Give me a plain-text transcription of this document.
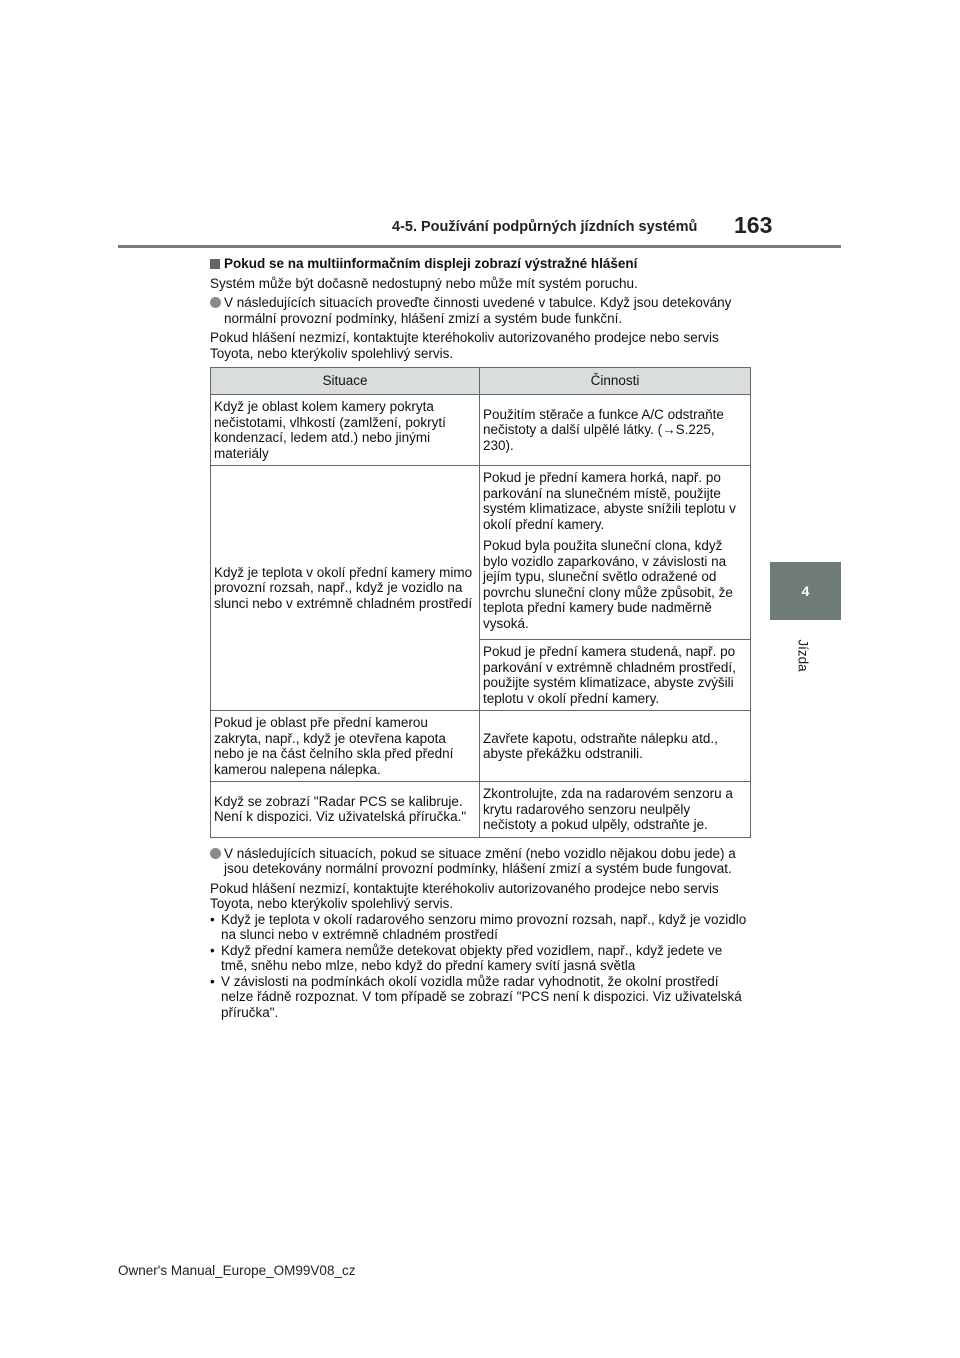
4-5. Používání podpůrných jízdních systémů 163
4
Jízda
Pokud se na multiinformačním displeji zobrazí výstražné hlášení

Systém může být dočasně nedostupný nebo může mít systém poruchu.

V následujících situacích proveďte činnosti uvedené v tabulce. Když jsou detekovány normální provozní podmínky, hlášení zmizí a systém bude funkční.

Pokud hlášení nezmizí, kontaktujte kteréhokoliv autorizovaného prodejce nebo servis Toyota, nebo kterýkoliv spolehlivý servis.

Situace	Činnosti
Když je oblast kolem kamery pokryta nečistotami, vlhkostí (zamlžení, pokrytí kondenzací, ledem atd.) nebo jinými materiály	Použitím stěrače a funkce A/C odstraňte nečistoty a další ulpělé látky. (→S.225, 230).
Když je teplota v okolí přední kamery mimo provozní rozsah, např., když je vozidlo na slunci nebo v extrémně chladném prostředí	Pokud je přední kamera horká, např. po parkování na slunečném místě, použijte systém klimatizace, abyste snížili teplotu v okolí přední kamery.

Pokud byla použita sluneční clona, když bylo vozidlo zaparkováno, v závislosti na jejím typu, sluneční světlo odražené od povrchu sluneční clony může způsobit, že teplota přední kamery bude nadměrně vysoká.

Pokud je přední kamera studená, např. po parkování v extrémně chladném prostředí, použijte systém klimatizace, abyste zvýšili teplotu v okolí přední kamery.

Pokud je oblast pře přední kamerou zakryta, např., když je otevřena kapota nebo je na část čelního skla před přední kamerou nalepena nálepka.	Zavřete kapotu, odstraňte nálepku atd., abyste překážku odstranili.
Když se zobrazí "Radar PCS se kalibruje. Není k dispozici. Viz uživatelská příručka."	Zkontrolujte, zda na radarovém senzoru a krytu radarového senzoru neulpěly nečistoty a pokud ulpěly, odstraňte je.
V následujících situacích, pokud se situace změní (nebo vozidlo nějakou dobu jede) a jsou detekovány normální provozní podmínky, hlášení zmizí a systém bude fungovat.

Pokud hlášení nezmizí, kontaktujte kteréhokoliv autorizovaného prodejce nebo servis Toyota, nebo kterýkoliv spolehlivý servis.

• Když je teplota v okolí radarového senzoru mimo provozní rozsah, např., když je vozidlo na slunci nebo v extrémně chladném prostředí

• Když přední kamera nemůže detekovat objekty před vozidlem, např., když jedete ve tmě, sněhu nebo mlze, nebo když do přední kamery svítí jasná světla

• V závislosti na podmínkách okolí vozidla může radar vyhodnotit, že okolní prostředí nelze řádně rozpoznat. V tom případě se zobrazí "PCS není k dispozici. Viz uživatelská příručka".

Owner's Manual_Europe_OM99V08_cz
